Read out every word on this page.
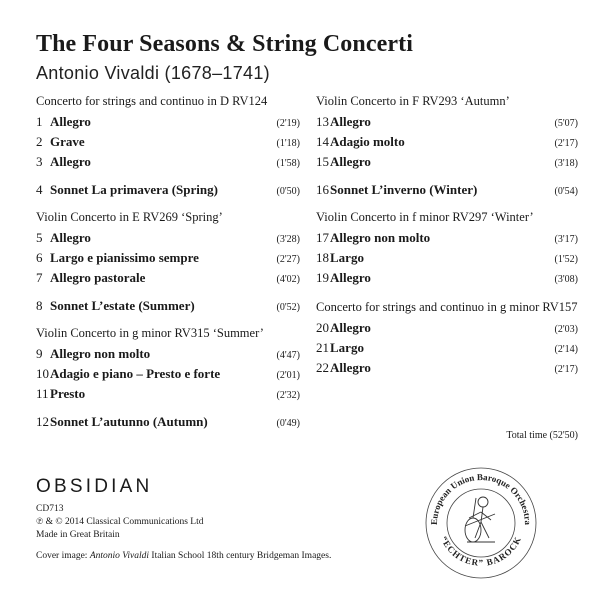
The Four Seasons & String Concerti
Antonio Vivaldi (1678–1741)
Concerto for strings and continuo in D RV124
1 Allegro	(2'19)
2 Grave	(1'18)
3 Allegro	(1'58)
4 Sonnet La primavera (Spring)	(0'50)
Violin Concerto in E RV269 ‘Spring’
5 Allegro	(3'28)
6 Largo e pianissimo sempre	(2'27)
7 Allegro pastorale	(4'02)
8 Sonnet L’estate (Summer)	(0'52)
Violin Concerto in g minor RV315 ‘Summer’
9 Allegro non molto	(4'47)
10 Adagio e piano – Presto e forte	(2'01)
11 Presto	(2'32)
12 Sonnet L’autunno (Autumn)	(0'49)
Violin Concerto in F RV293 ‘Autumn’
13 Allegro	(5'07)
14 Adagio molto	(2'17)
15 Allegro	(3'18)
16 Sonnet L’inverno (Winter)	(0'54)
Violin Concerto in f minor RV297 ‘Winter’
17 Allegro non molto	(3'17)
18 Largo	(1'52)
19 Allegro	(3'08)
Concerto for strings and continuo in g minor RV157
20 Allegro	(2'03)
21 Largo	(2'14)
22 Allegro	(2'17)
Total time (52'50)
OBSIDIAN
CD713
℗ & © 2014 Classical Communications Ltd
Made in Great Britain
Cover image: Antonio Vivaldi Italian School 18th century Bridgeman Images.
European Union Baroque Orchestra
“ECHTER” BAROCK
